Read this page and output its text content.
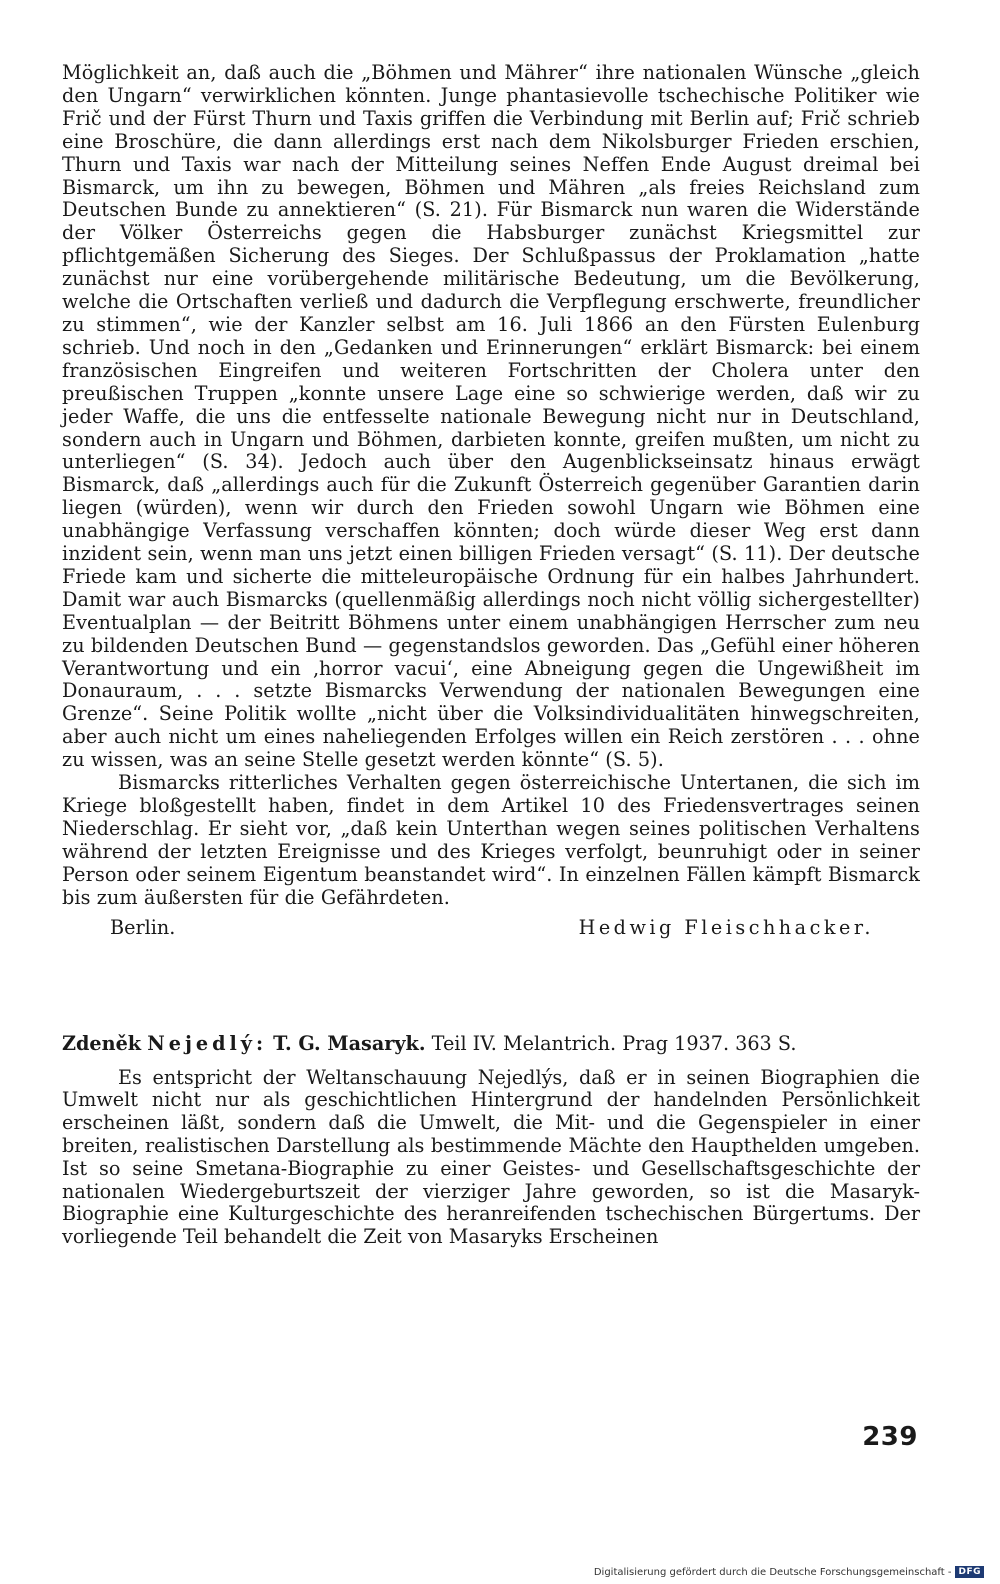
Möglichkeit an, daß auch die „Böhmen und Mährer“ ihre nationalen Wünsche „gleich den Ungarn“ verwirklichen könnten. Junge phantasievolle tschechische Politiker wie Frič und der Fürst Thurn und Taxis griffen die Verbindung mit Berlin auf; Frič schrieb eine Broschüre, die dann allerdings erst nach dem Nikolsburger Frieden erschien, Thurn und Taxis war nach der Mitteilung seines Neffen Ende August dreimal bei Bismarck, um ihn zu bewegen, Böhmen und Mähren „als freies Reichsland zum Deutschen Bunde zu annektieren“ (S. 21). Für Bismarck nun waren die Widerstände der Völker Österreichs gegen die Habsburger zunächst Kriegsmittel zur pflichtgemäßen Sicherung des Sieges. Der Schlußpassus der Proklamation „hatte zunächst nur eine vorübergehende militärische Bedeutung, um die Bevölkerung, welche die Ortschaften verließ und dadurch die Verpflegung erschwerte, freundlicher zu stimmen“, wie der Kanzler selbst am 16. Juli 1866 an den Fürsten Eulenburg schrieb. Und noch in den „Gedanken und Erinnerungen“ erklärt Bismarck: bei einem französischen Eingreifen und weiteren Fortschritten der Cholera unter den preußischen Truppen „konnte unsere Lage eine so schwierige werden, daß wir zu jeder Waffe, die uns die entfesselte nationale Bewegung nicht nur in Deutschland, sondern auch in Ungarn und Böhmen, darbieten konnte, greifen mußten, um nicht zu unterliegen“ (S. 34). Jedoch auch über den Augenblickseinsatz hinaus erwägt Bismarck, daß „allerdings auch für die Zukunft Österreich gegenüber Garantien darin liegen (würden), wenn wir durch den Frieden sowohl Ungarn wie Böhmen eine unabhängige Verfassung verschaffen könnten; doch würde dieser Weg erst dann inzident sein, wenn man uns jetzt einen billigen Frieden versagt“ (S. 11). Der deutsche Friede kam und sicherte die mitteleuropäische Ordnung für ein halbes Jahrhundert. Damit war auch Bismarcks (quellenmäßig allerdings noch nicht völlig sichergestellter) Eventualplan — der Beitritt Böhmens unter einem unabhängigen Herrscher zum neu zu bildenden Deutschen Bund — gegenstandslos geworden. Das „Gefühl einer höheren Verantwortung und ein ‚horror vacui‘, eine Abneigung gegen die Ungewißheit im Donauraum, . . . setzte Bismarcks Verwendung der nationalen Bewegungen eine Grenze“. Seine Politik wollte „nicht über die Volksindividualitäten hinwegschreiten, aber auch nicht um eines naheliegenden Erfolges willen ein Reich zerstören . . . ohne zu wissen, was an seine Stelle gesetzt werden könnte“ (S. 5).

Bismarcks ritterliches Verhalten gegen österreichische Untertanen, die sich im Kriege bloßgestellt haben, findet in dem Artikel 10 des Friedensvertrages seinen Niederschlag. Er sieht vor, „daß kein Unterthan wegen seines politischen Verhaltens während der letzten Ereignisse und des Krieges verfolgt, beunruhigt oder in seiner Person oder seinem Eigentum beanstandet wird“. In einzelnen Fällen kämpft Bismarck bis zum äußersten für die Gefährdeten.

Berlin.	Hedwig Fleischhacker.

Zdeněk Nejedlý: T. G. Masaryk. Teil IV. Melantrich. Prag 1937. 363 S.

Es entspricht der Weltanschauung Nejedlýs, daß er in seinen Biographien die Umwelt nicht nur als geschichtlichen Hintergrund der handelnden Persönlichkeit erscheinen läßt, sondern daß die Umwelt, die Mit- und die Gegenspieler in einer breiten, realistischen Darstellung als bestimmende Mächte den Haupthelden umgeben. Ist so seine Smetana-Biographie zu einer Geistes- und Gesellschaftsgeschichte der nationalen Wiedergeburtszeit der vierziger Jahre geworden, so ist die Masaryk-Biographie eine Kulturgeschichte des heranreifenden tschechischen Bürgertums. Der vorliegende Teil behandelt die Zeit von Masaryks Erscheinen

239
Digitalisierung gefördert durch die Deutsche Forschungsgemeinschaft - DFG
